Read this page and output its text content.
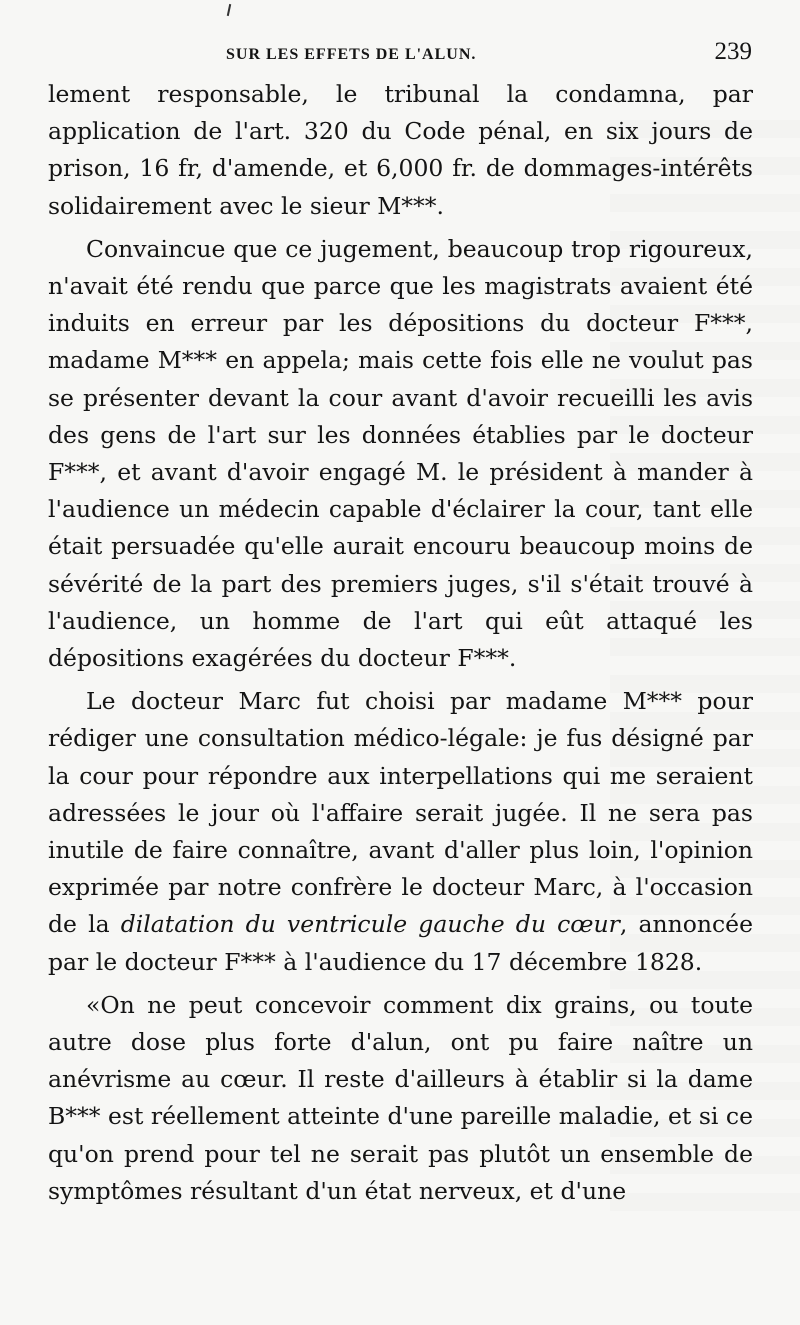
SUR LES EFFETS DE L'ALUN.	239

lement responsable, le tribunal la condamna, par application de l'art. 320 du Code pénal, en six jours de prison, 16 fr, d'amende, et 6,000 fr. de dommages-intérêts solidairement avec le sieur M***.

Convaincue que ce jugement, beaucoup trop rigoureux, n'avait été rendu que parce que les magistrats avaient été induits en erreur par les dépositions du docteur F***, madame M*** en appela; mais cette fois elle ne voulut pas se présenter devant la cour avant d'avoir recueilli les avis des gens de l'art sur les données établies par le docteur F***, et avant d'avoir engagé M. le président à mander à l'audience un médecin capable d'éclairer la cour, tant elle était persuadée qu'elle aurait encouru beaucoup moins de sévérité de la part des premiers juges, s'il s'était trouvé à l'audience, un homme de l'art qui eût attaqué les dépositions exagérées du docteur F***.

Le docteur Marc fut choisi par madame M*** pour rédiger une consultation médico-légale: je fus désigné par la cour pour répondre aux interpellations qui me seraient adressées le jour où l'affaire serait jugée. Il ne sera pas inutile de faire connaître, avant d'aller plus loin, l'opinion exprimée par notre confrère le docteur Marc, à l'occasion de la dilatation du ventricule gauche du cœur, annoncée par le docteur F*** à l'audience du 17 décembre 1828.

«On ne peut concevoir comment dix grains, ou toute autre dose plus forte d'alun, ont pu faire naître un anévrisme au cœur. Il reste d'ailleurs à établir si la dame B*** est réellement atteinte d'une pareille maladie, et si ce qu'on prend pour tel ne serait pas plutôt un ensemble de symptômes résultant d'un état nerveux, et d'une
